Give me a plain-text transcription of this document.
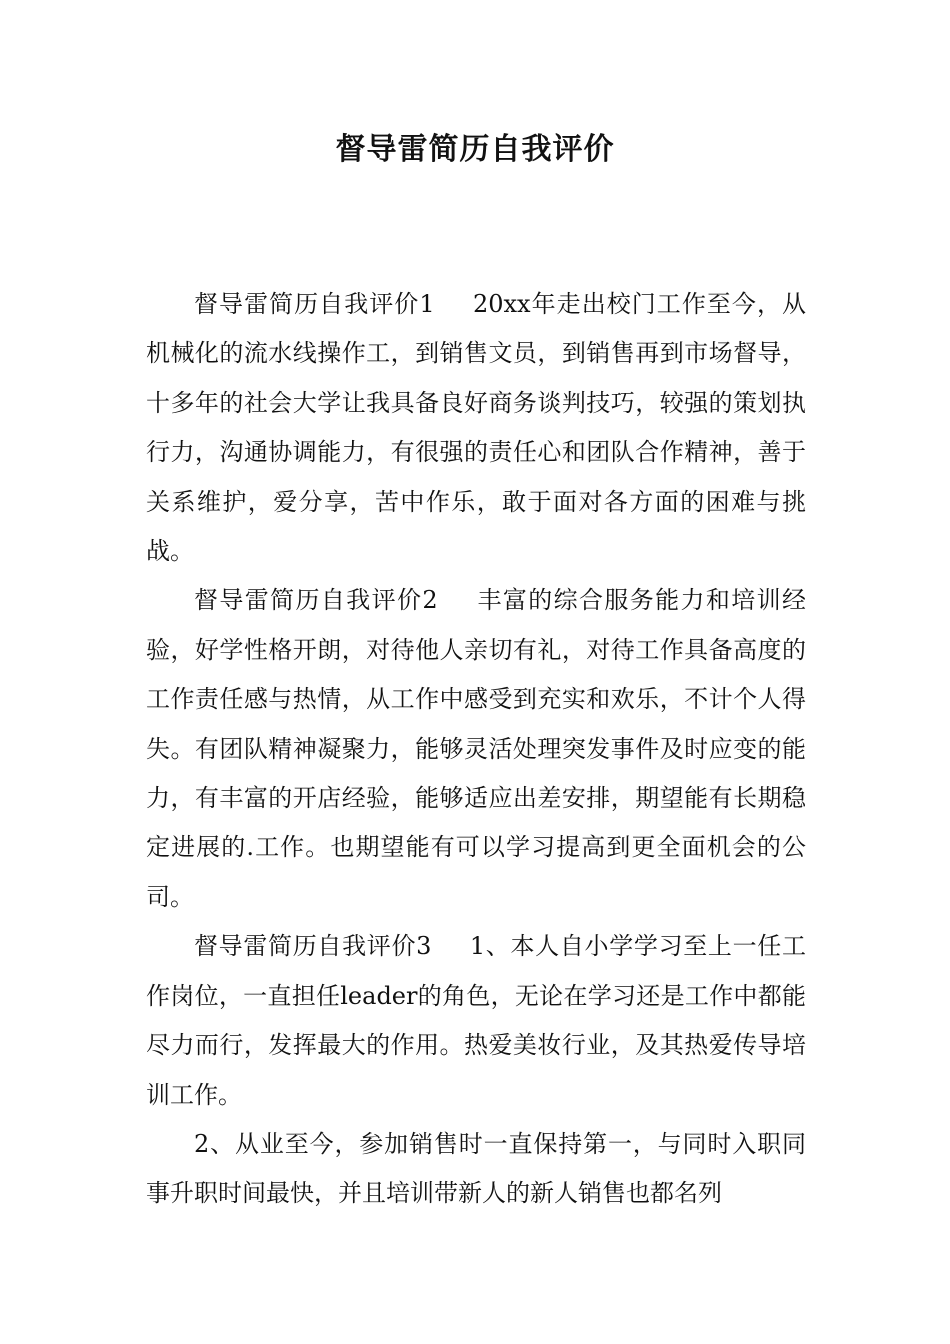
督导雷简历自我评价

督导雷简历自我评价1 20xx年走出校门工作至今，从机械化的流水线操作工，到销售文员，到销售再到市场督导，十多年的社会大学让我具备良好商务谈判技巧，较强的策划执行力，沟通协调能力，有很强的责任心和团队合作精神，善于关系维护，爱分享，苦中作乐，敢于面对各方面的困难与挑战。

督导雷简历自我评价2 丰富的综合服务能力和培训经验，好学性格开朗，对待他人亲切有礼，对待工作具备高度的工作责任感与热情，从工作中感受到充实和欢乐，不计个人得失。有团队精神凝聚力，能够灵活处理突发事件及时应变的能力，有丰富的开店经验，能够适应出差安排，期望能有长期稳定进展的.工作。也期望能有可以学习提高到更全面机会的公司。

督导雷简历自我评价3 1、本人自小学学习至上一任工作岗位，一直担任leader的角色，无论在学习还是工作中都能尽力而行，发挥最大的作用。热爱美妆行业，及其热爱传导培训工作。

2、从业至今，参加销售时一直保持第一，与同时入职同事升职时间最快，并且培训带新人的新人销售也都名列
